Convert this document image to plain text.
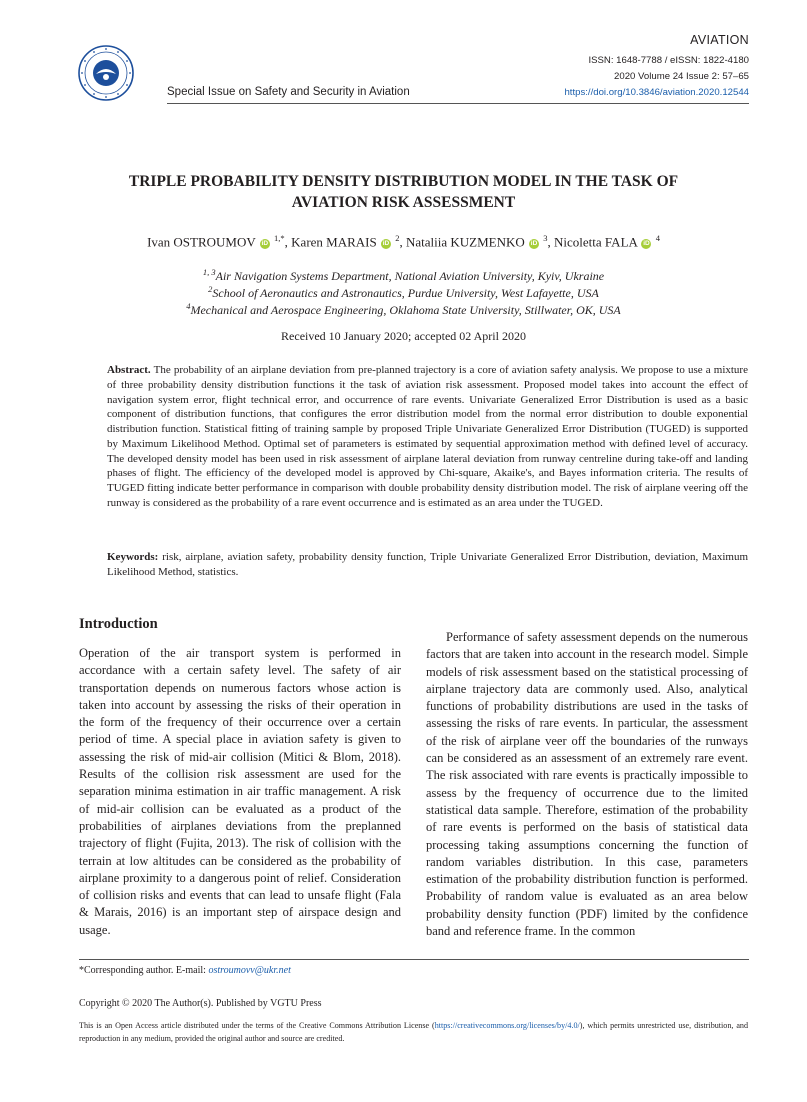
AVIATION
ISSN: 1648-7788 / eISSN: 1822-4180
2020 Volume 24 Issue 2: 57–65
https://doi.org/10.3846/aviation.2020.12544
Special Issue on Safety and Security in Aviation
TRIPLE PROBABILITY DENSITY DISTRIBUTION MODEL IN THE TASK OF
AVIATION RISK ASSESSMENT
Ivan OSTROUMOV iD $^{1,*}$, Karen MARAIS iD $^2$, Nataliia KUZMENKO iD $^3$, Nicoletta FALA iD $^4$
$^{1, 3}$Air Navigation Systems Department, National Aviation University, Kyiv, Ukraine
$^2$School of Aeronautics and Astronautics, Purdue University, West Lafayette, USA
$^4$Mechanical and Aerospace Engineering, Oklahoma State University, Stillwater, OK, USA
Received 10 January 2020; accepted 02 April 2020

Abstract. The probability of an airplane deviation from pre-planned trajectory is a core of aviation safety analysis. We propose to use a mixture of three probability density distribution functions it the task of aviation risk assessment. Proposed model takes into account the effect of navigation system error, flight technical error, and occurrence of rare events. Univariate Generalized Error Distribution is used as a basic component of distribution functions, that configures the error distribution model from the normal error distribution to double exponential distribution function. Statistical fitting of training sample by proposed Triple Univariate Generalized Error Distribution (TUGED) is supported by Maximum Likelihood Method. Optimal set of parameters is estimated by sequential approximation method with defined level of accuracy. The developed density model has been used in risk assessment of airplane lateral deviation from runway centreline during take-off and landing phases of flight. The efficiency of the developed model is approved by Chi-square, Akaike's, and Bayes information criteria. The results of TUGED fitting indicate better performance in comparison with double probability density distribution model. The risk of airplane veering off the runway is considered as the probability of a rare event occurrence and is estimated as an area under the TUGED.

Keywords: risk, airplane, aviation safety, probability density function, Triple Univariate Generalized Error Distribution, deviation, Maximum Likelihood Method, statistics.

Introduction

Operation of the air transport system is performed in accordance with a certain safety level. The safety of air transportation depends on numerous factors whose action is taken into account by assessing the risks of their operation in the form of the frequency of their occurrence over a certain period of time. A special place in aviation safety is given to assessing the risk of mid-air collision (Mitici & Blom, 2018). Results of the collision risk assessment are used for the separation minima estimation in air traffic management. A risk of mid-air collision can be evaluated as a product of the probabilities of airplanes deviations from the preplanned trajectory of flight (Fujita, 2013). The risk of collision with the terrain at low altitudes can be considered as the probability of airplane proximity to a dangerous point of relief. Consideration of collision risks and events that can lead to unsafe flight (Fala & Marais, 2016) is an important step of airspace design and usage.

Performance of safety assessment depends on the numerous factors that are taken into account in the research model. Simple models of risk assessment based on the statistical processing of airplane trajectory data are commonly used. Also, analytical functions of probability distributions are used in the tasks of assessing the risks of rare events. In particular, the assessment of the risk of airplane veer off the boundaries of the runways can be considered as an assessment of an extremely rare event. The risk associated with rare events is practically impossible to assess by the frequency of occurrence due to the limited statistical data sample. Therefore, estimation of the probability of rare events is performed on the basis of statistical data processing taking assumptions concerning the function of random variables distribution. In this case, parameters estimation of the probability distribution function is performed. Probability of random value is evaluated as an area below probability density function (PDF) limited by the confidence band and reference frame. In the common

*Corresponding author. E-mail: ostroumovv@ukr.net
Copyright © 2020 The Author(s). Published by VGTU Press

This is an Open Access article distributed under the terms of the Creative Commons Attribution License (https://creativecommons.org/licenses/by/4.0/), which permits unrestricted use, distribution, and reproduction in any medium, provided the original author and source are credited.
